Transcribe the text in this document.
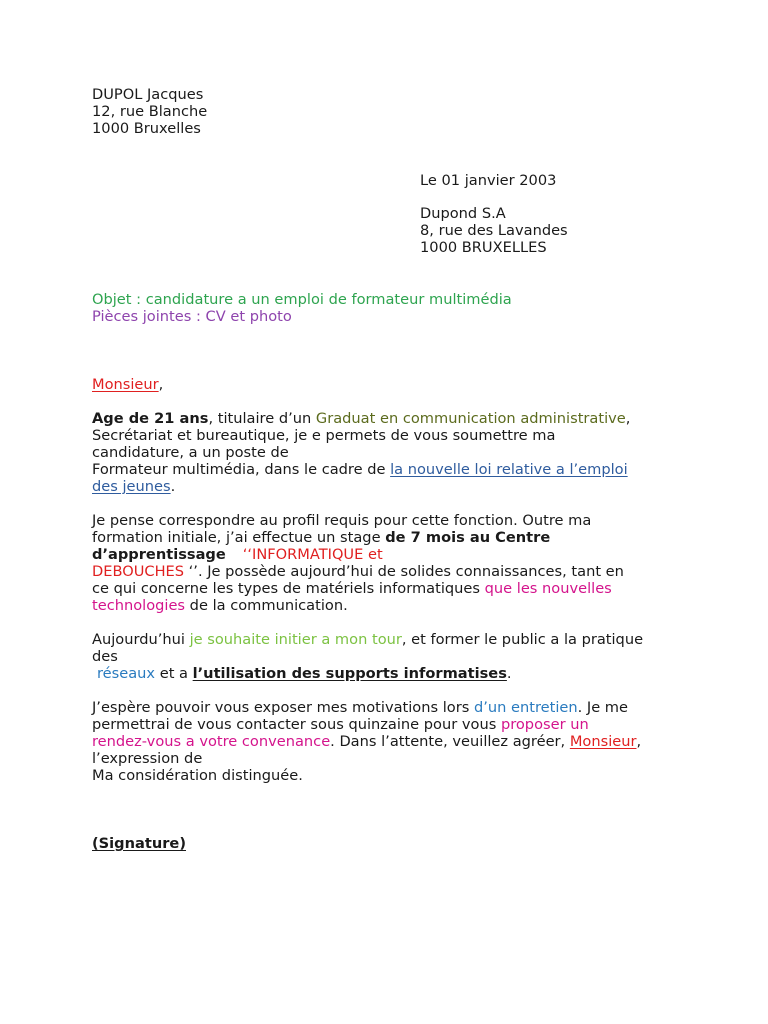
DUPOL Jacques
12, rue Blanche
1000 Bruxelles
Le 01 janvier 2003
Dupond S.A
8, rue des Lavandes
1000 BRUXELLES
Objet : candidature a un emploi de formateur multimédia
Pièces jointes : CV et photo
Monsieur,
Age de 21 ans, titulaire d’un Graduat en communication administrative,
Secrétariat et bureautique, je e permets de vous soumettre ma
candidature, a un poste de
Formateur multimédia, dans le cadre de la nouvelle loi relative a l’emploi
des jeunes.
Je pense correspondre au profil requis pour cette fonction. Outre ma
formation initiale, j’ai effectue un stage de 7 mois au Centre
d’apprentissage ‘‘INFORMATIQUE et
DEBOUCHES ‘’. Je possède aujourd’hui de solides connaissances, tant en
ce qui concerne les types de matériels informatiques que les nouvelles
technologies de la communication.
Aujourdu’hui je souhaite initier a mon tour, et former le public a la pratique
des
réseaux et a l’utilisation des supports informatises.
J’espère pouvoir vous exposer mes motivations lors d’un entretien. Je me
permettrai de vous contacter sous quinzaine pour vous proposer un
rendez-vous a votre convenance. Dans l’attente, veuillez agréer, Monsieur,
l’expression de
Ma considération distinguée.
(Signature)
